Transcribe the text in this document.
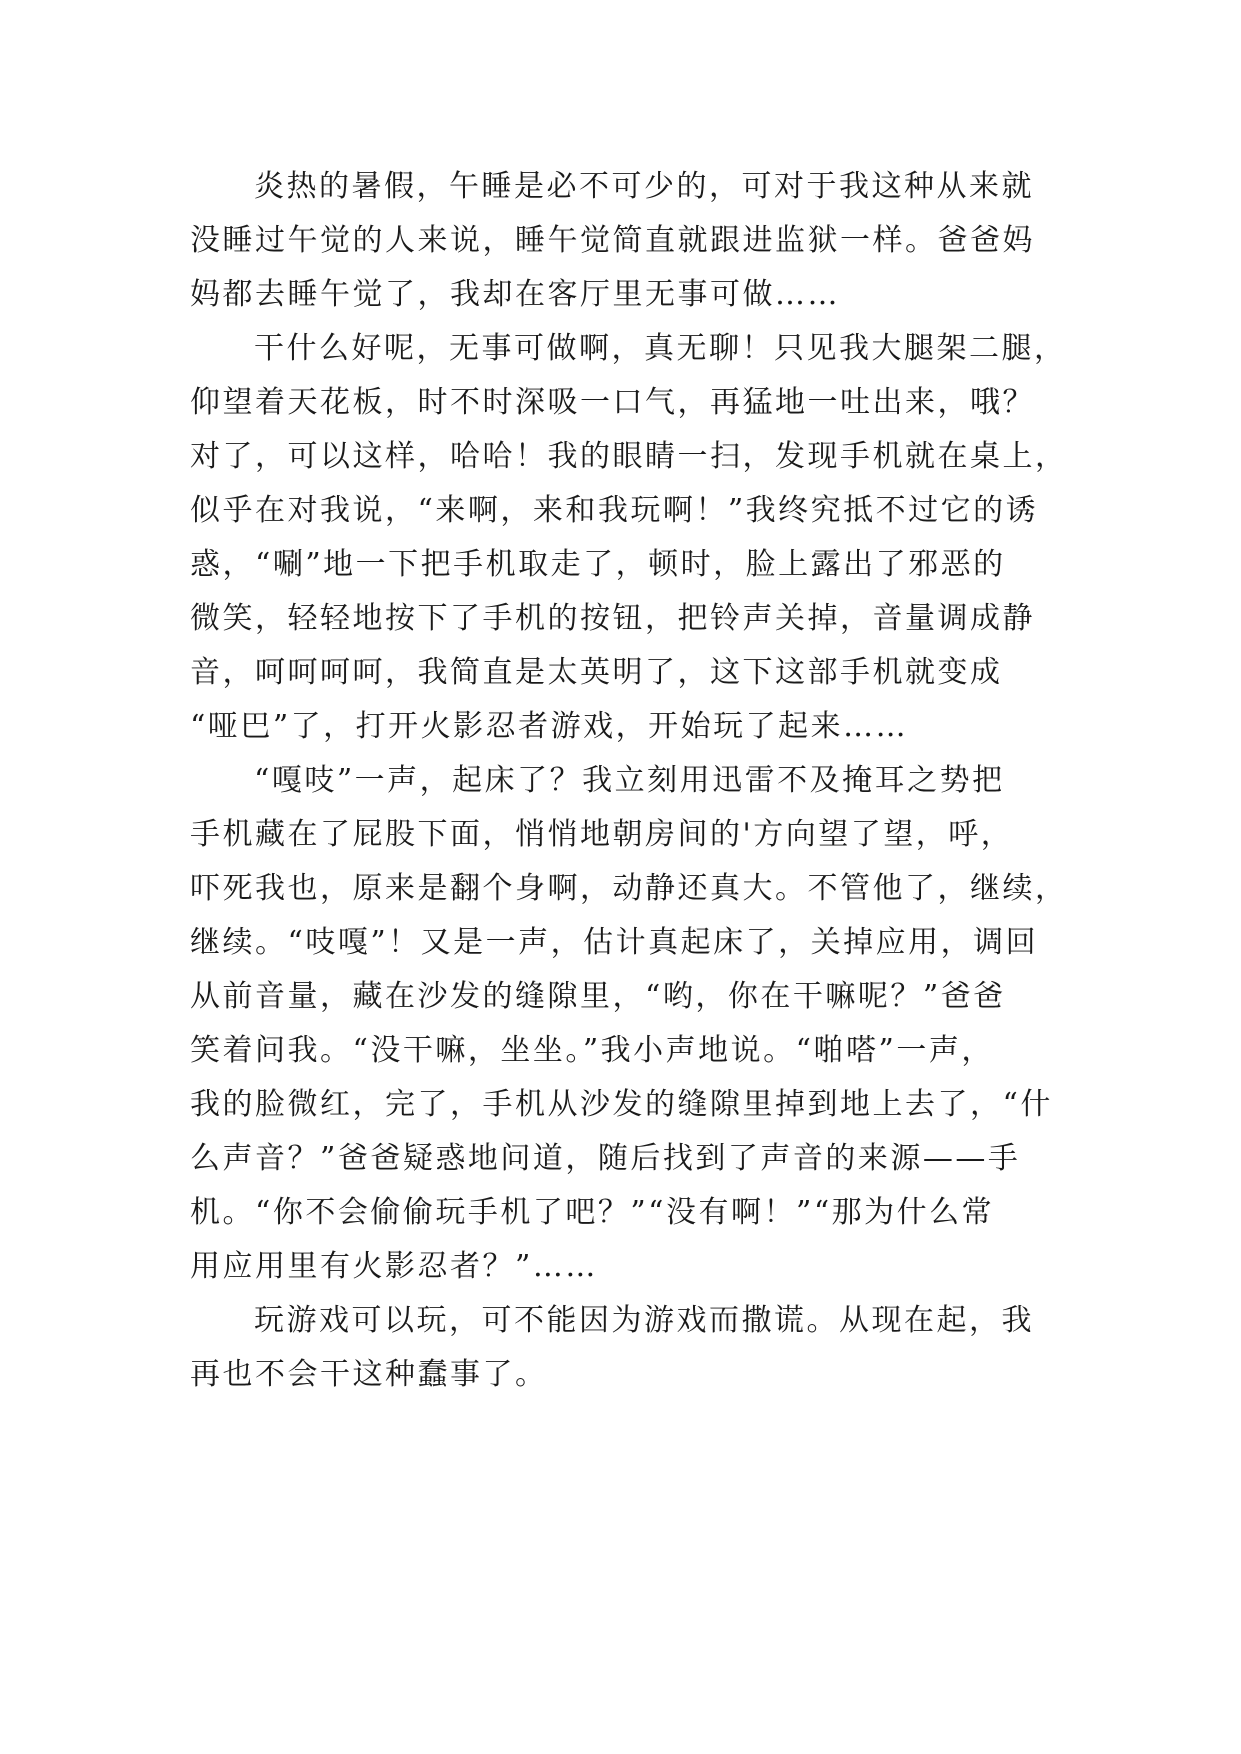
炎热的暑假，午睡是必不可少的，可对于我这种从来就
没睡过午觉的人来说，睡午觉简直就跟进监狱一样。爸爸妈
妈都去睡午觉了，我却在客厅里无事可做……
干什么好呢，无事可做啊，真无聊！只见我大腿架二腿，
仰望着天花板，时不时深吸一口气，再猛地一吐出来，哦？
对了，可以这样，哈哈！我的眼睛一扫，发现手机就在桌上，
似乎在对我说，“来啊，来和我玩啊！”我终究抵不过它的诱
惑，“唰”地一下把手机取走了，顿时，脸上露出了邪恶的
微笑，轻轻地按下了手机的按钮，把铃声关掉，音量调成静
音，呵呵呵呵，我简直是太英明了，这下这部手机就变成
“哑巴”了，打开火影忍者游戏，开始玩了起来……
“嘎吱”一声，起床了？我立刻用迅雷不及掩耳之势把
手机藏在了屁股下面，悄悄地朝房间的'方向望了望，呼，
吓死我也，原来是翻个身啊，动静还真大。不管他了，继续，
继续。“吱嘎”！又是一声，估计真起床了，关掉应用，调回
从前音量，藏在沙发的缝隙里，“哟，你在干嘛呢？”爸爸
笑着问我。“没干嘛，坐坐。”我小声地说。“啪嗒”一声，
我的脸微红，完了，手机从沙发的缝隙里掉到地上去了，“什
么声音？”爸爸疑惑地问道，随后找到了声音的来源——手
机。“你不会偷偷玩手机了吧？”“没有啊！”“那为什么常
用应用里有火影忍者？”……
玩游戏可以玩，可不能因为游戏而撒谎。从现在起，我
再也不会干这种蠢事了。
